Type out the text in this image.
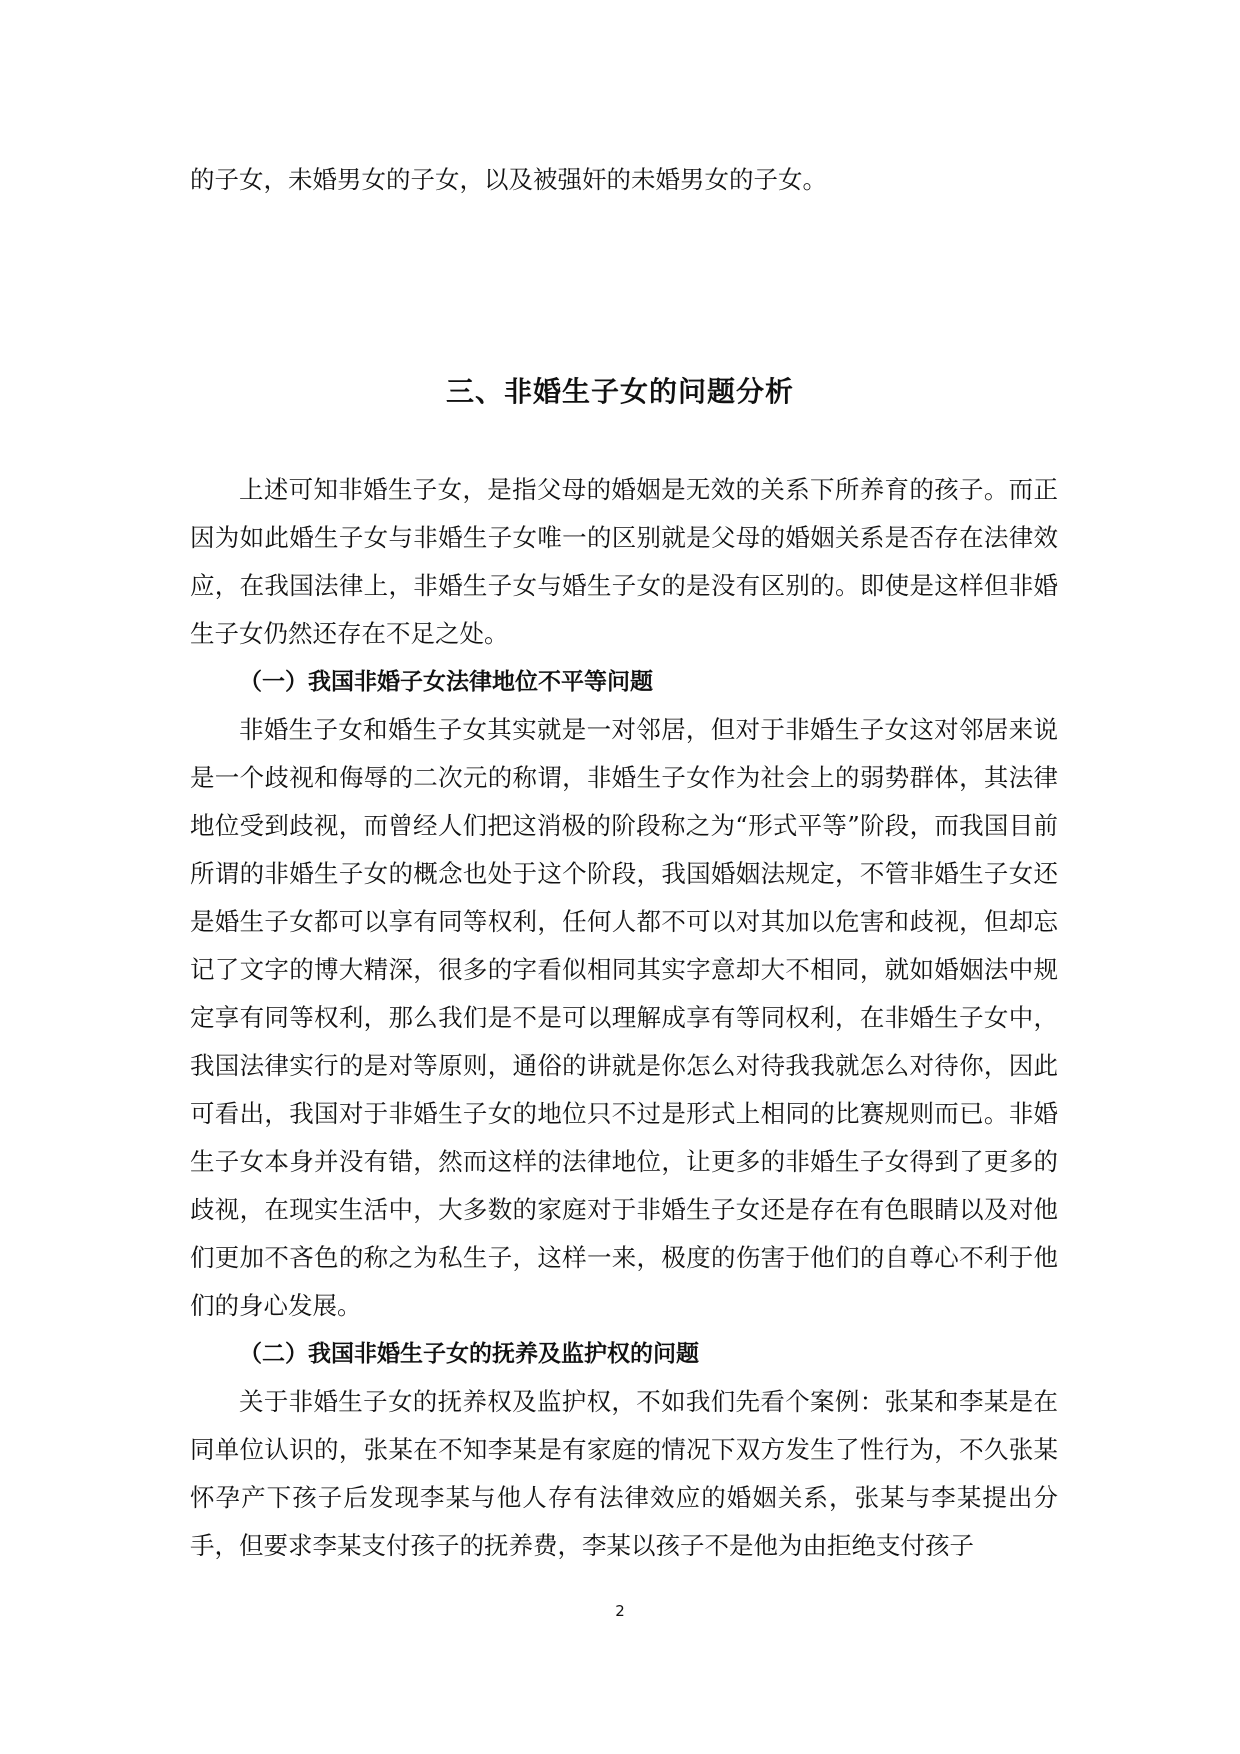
的子女，未婚男女的子女，以及被强奸的未婚男女的子女。
三、非婚生子女的问题分析

上述可知非婚生子女，是指父母的婚姻是无效的关系下所养育的孩子。而正因为如此婚生子女与非婚生子女唯一的区别就是父母的婚姻关系是否存在法律效应，在我国法律上，非婚生子女与婚生子女的是没有区别的。即使是这样但非婚生子女仍然还存在不足之处。

（一）我国非婚子女法律地位不平等问题

非婚生子女和婚生子女其实就是一对邻居，但对于非婚生子女这对邻居来说是一个歧视和侮辱的二次元的称谓，非婚生子女作为社会上的弱势群体，其法律地位受到歧视，而曾经人们把这消极的阶段称之为“形式平等”阶段，而我国目前所谓的非婚生子女的概念也处于这个阶段，我国婚姻法规定，不管非婚生子女还是婚生子女都可以享有同等权利，任何人都不可以对其加以危害和歧视，但却忘记了文字的博大精深，很多的字看似相同其实字意却大不相同，就如婚姻法中规定享有同等权利，那么我们是不是可以理解成享有等同权利，在非婚生子女中，我国法律实行的是对等原则，通俗的讲就是你怎么对待我我就怎么对待你，因此可看出，我国对于非婚生子女的地位只不过是形式上相同的比赛规则而已。非婚生子女本身并没有错，然而这样的法律地位，让更多的非婚生子女得到了更多的歧视，在现实生活中，大多数的家庭对于非婚生子女还是存在有色眼睛以及对他们更加不吝色的称之为私生子，这样一来，极度的伤害于他们的自尊心不利于他们的身心发展。

（二）我国非婚生子女的抚养及监护权的问题

关于非婚生子女的抚养权及监护权，不如我们先看个案例：张某和李某是在同单位认识的，张某在不知李某是有家庭的情况下双方发生了性行为，不久张某怀孕产下孩子后发现李某与他人存有法律效应的婚姻关系，张某与李某提出分手，但要求李某支付孩子的抚养费，李某以孩子不是他为由拒绝支付孩子

2
